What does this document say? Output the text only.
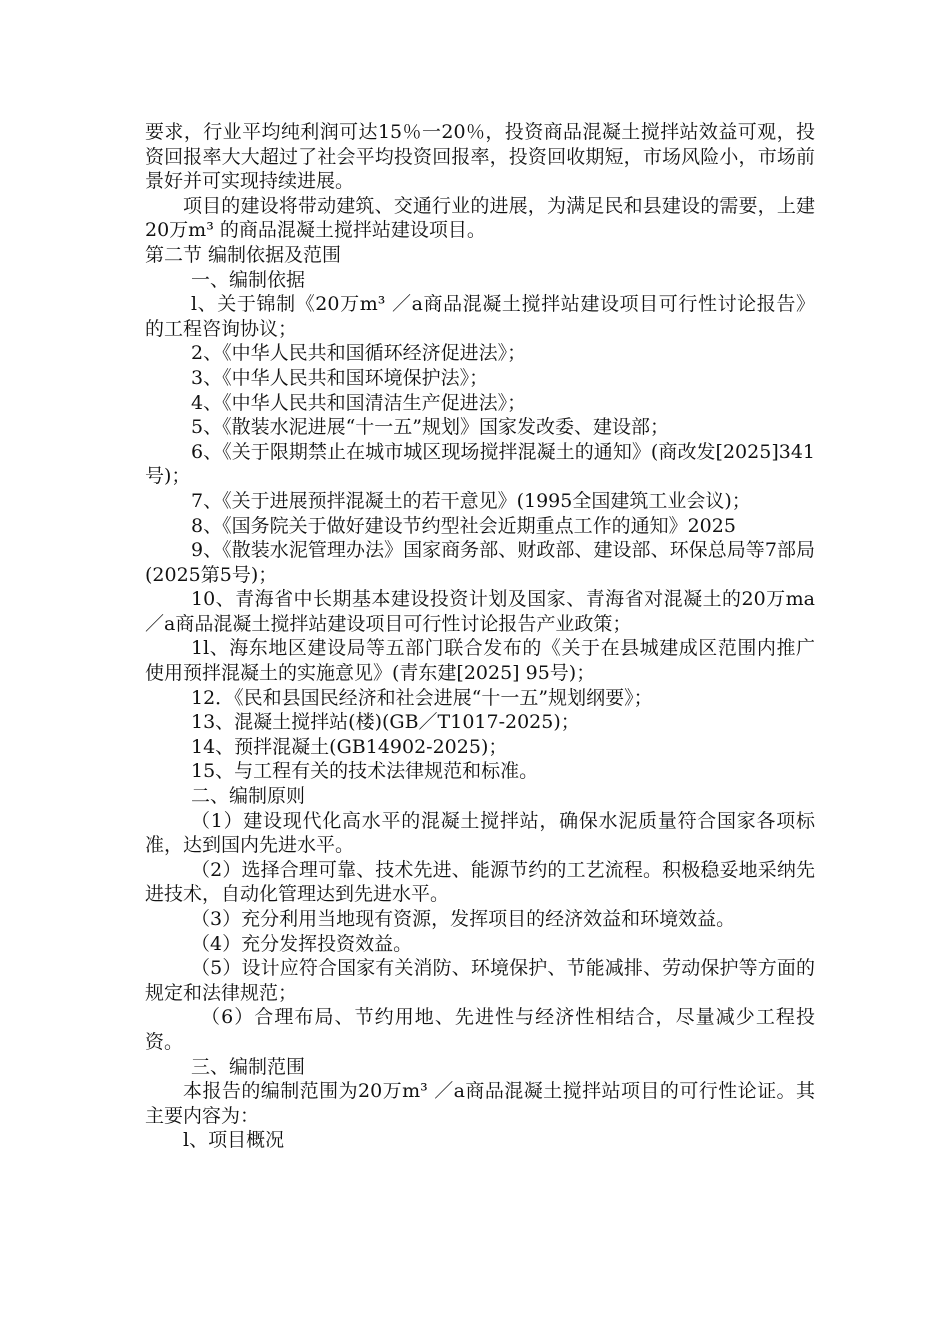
要求，行业平均纯利润可达15％一20％，投资商品混凝土搅拌站效益可观，投资回报率大大超过了社会平均投资回报率，投资回收期短，市场风险小，市场前景好并可实现持续进展。

项目的建设将带动建筑、交通行业的进展，为满足民和县建设的需要，上建20万m³ 的商品混凝土搅拌站建设项目。

第二节 编制依据及范围

一、编制依据

l、关于锦制《20万m³ ／a商品混凝土搅拌站建设项目可行性讨论报告》的工程咨询协议；

2、《中华人民共和国循环经济促进法》；

3、《中华人民共和国环境保护法》；

4、《中华人民共和国清洁生产促进法》；

5、《散装水泥进展“十一五”规划》国家发改委、建设部；

6、《关于限期禁止在城市城区现场搅拌混凝土的通知》(商改发[2025]341号)；

7、《关于进展预拌混凝土的若干意见》(1995全国建筑工业会议)；

8、《国务院关于做好建设节约型社会近期重点工作的通知》2025

9、《散装水泥管理办法》国家商务部、财政部、建设部、环保总局等7部局(2025第5号)；

10、青海省中长期基本建设投资计划及国家、青海省对混凝土的20万ma／a商品混凝土搅拌站建设项目可行性讨论报告产业政策；

1l、海东地区建设局等五部门联合发布的《关于在县城建成区范围内推广使用预拌混凝土的实施意见》(青东建[2025] 95号)；

12．《民和县国民经济和社会进展“十一五”规划纲要》；

13、混凝土搅拌站(楼)(GB／T1017-2025)；

14、预拌混凝土(GB14902-2025)；

15、与工程有关的技术法律规范和标准。

二、编制原则

（1）建设现代化高水平的混凝土搅拌站，确保水泥质量符合国家各项标准，达到国内先进水平。

（2）选择合理可靠、技术先进、能源节约的工艺流程。积极稳妥地采纳先进技术，自动化管理达到先进水平。

（3）充分利用当地现有资源，发挥项目的经济效益和环境效益。

（4）充分发挥投资效益。

（5）设计应符合国家有关消防、环境保护、节能减排、劳动保护等方面的规定和法律规范；

（6）合理布局、节约用地、先进性与经济性相结合，尽量减少工程投资。

三、编制范围

本报告的编制范围为20万m³ ／a商品混凝土搅拌站项目的可行性论证。其主要内容为：

l、项目概况
